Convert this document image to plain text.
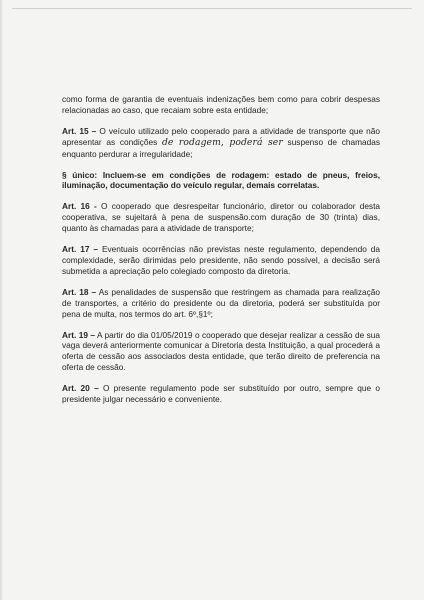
como forma de garantia de eventuais indenizações bem como para cobrir despesas relacionadas ao caso, que recaiam sobre esta entidade;

Art. 15 – O veículo utilizado pelo cooperado para a atividade de transporte que não apresentar as condições de rodagem, poderá ser suspenso de chamadas enquanto perdurar a irregularidade;

§ único: Incluem-se em condições de rodagem: estado de pneus, freios, iluminação, documentação do veículo regular, demais correlatas.

Art. 16 - O cooperado que desrespeitar funcionário, diretor ou colaborador desta cooperativa, se sujeitará à pena de suspensão.com duração de 30 (trinta) dias, quanto às chamadas para a atividade de transporte;

Art. 17 – Eventuais ocorrências não previstas neste regulamento, dependendo da complexidade, serão dirimidas pelo presidente, não sendo possível, a decisão será submetida a apreciação pelo colegiado composto da diretoria.

Art. 18 – As penalidades de suspensão que restringem as chamada para realização de transportes, a critério do presidente ou da diretoria, poderá ser substituída por pena de multa, nos termos do art. 6º,§1º;

Art. 19 – A partir do dia 01/05/2019 o cooperado que desejar realizar a cessão de sua vaga deverá anteriormente comunicar a Diretoria desta Instituição, a qual procederá a oferta de cessão aos associados desta entidade, que terão direito de preferencia na oferta de cessão.

Art. 20 – O presente regulamento pode ser substituído por outro, sempre que o presidente julgar necessário e conveniente.
